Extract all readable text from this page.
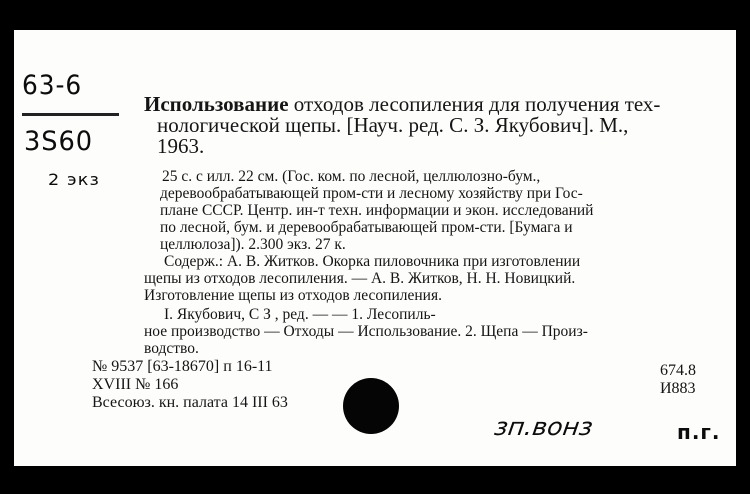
63-6
3S60
2 экз
Использование отходов лесопиления для получения тех-
нологической щепы. [Науч. ред. С. З. Якубович]. М.,
1963.
25 с. с илл. 22 см. (Гос. ком. по лесной, целлюлозно-бум.,
деревообрабатывающей пром-сти и лесному хозяйству при Гос-
плане СССР. Центр. ин-т техн. информации и экон. исследований
по лесной, бум. и деревообрабатывающей пром-сти. [Бумага и
целлюлоза]). 2.300 экз. 27 к.
Содерж.: А. В. Житков. Окорка пиловочника при изготовлении
щепы из отходов лесопиления. — А. В. Житков, Н. Н. Новицкий.
Изготовление щепы из отходов лесопиления.
I. Якубович, С З , ред. — — 1. Лесопиль-
ное производство — Отходы — Использование. 2. Щепа — Произ-
водство.
№ 9537 [63-18670] п 16-11
XVIII № 166
Всесоюз. кн. палата 14 III 63
674.8
И883
зп.вонз	п.г.
